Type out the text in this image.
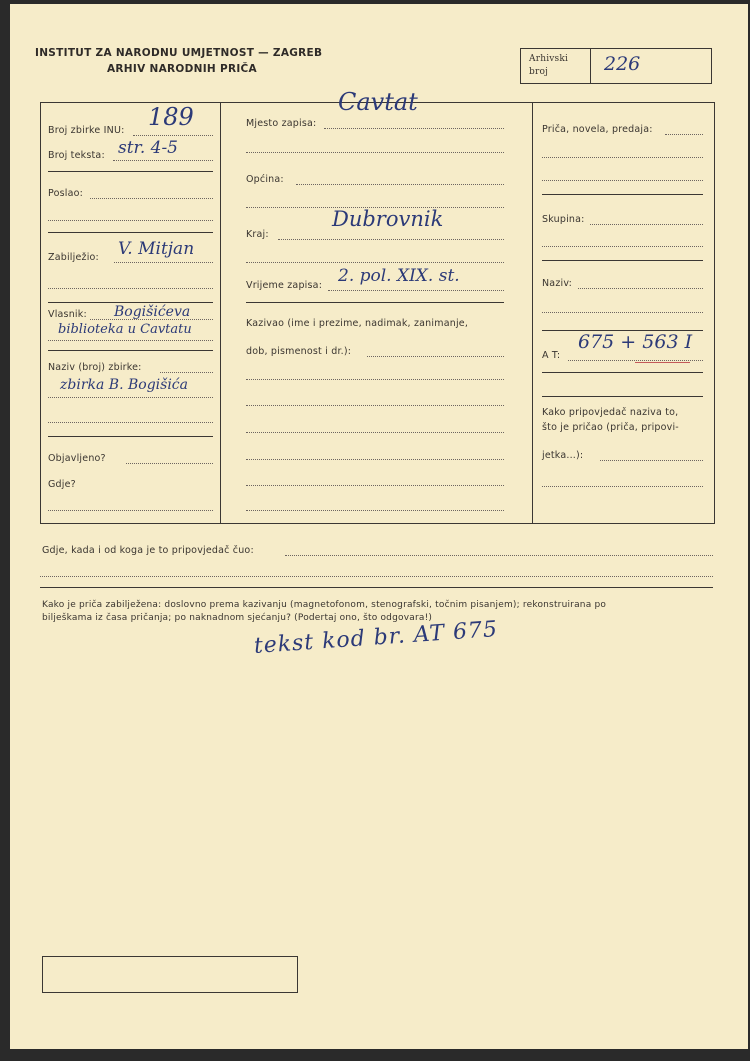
INSTITUT ZA NARODNU UMJETNOST — ZAGREB
ARHIV NARODNIH PRIČA
Arhivski
broj	226
Broj zbirke INU: 189
Broj teksta: str. 4-5
Poslao:
Zabilježio: V. Mitjan
Vlasnik: Bogišićeva
biblioteka u Cavtatu
Naziv (broj) zbirke:
zbirka B. Bogišića
Objavljeno?
Gdje?
Mjesto zapisa:
Cavtat
Općina:
Kraj:
Dubrovnik
Vrijeme zapisa: 2. pol. XIX. st.
Kazivao (ime i prezime, nadimak, zanimanje,
dob, pismenost i dr.):
Priča, novela, predaja:
Skupina:
Naziv:
A T:
675 + 563 I
Kako pripovjedač naziva to,
što je pričao (priča, pripovi-
jetka...):
Gdje, kada i od koga je to pripovjedač čuo:
Kako je priča zabilježena: doslovno prema kazivanju (magnetofonom, stenografski, točnim pisanjem); rekonstruirana po
bilješkama iz časa pričanja; po naknadnom sjećanju? (Podertaj ono, što odgovara!)
tekst kod br. AT 675
